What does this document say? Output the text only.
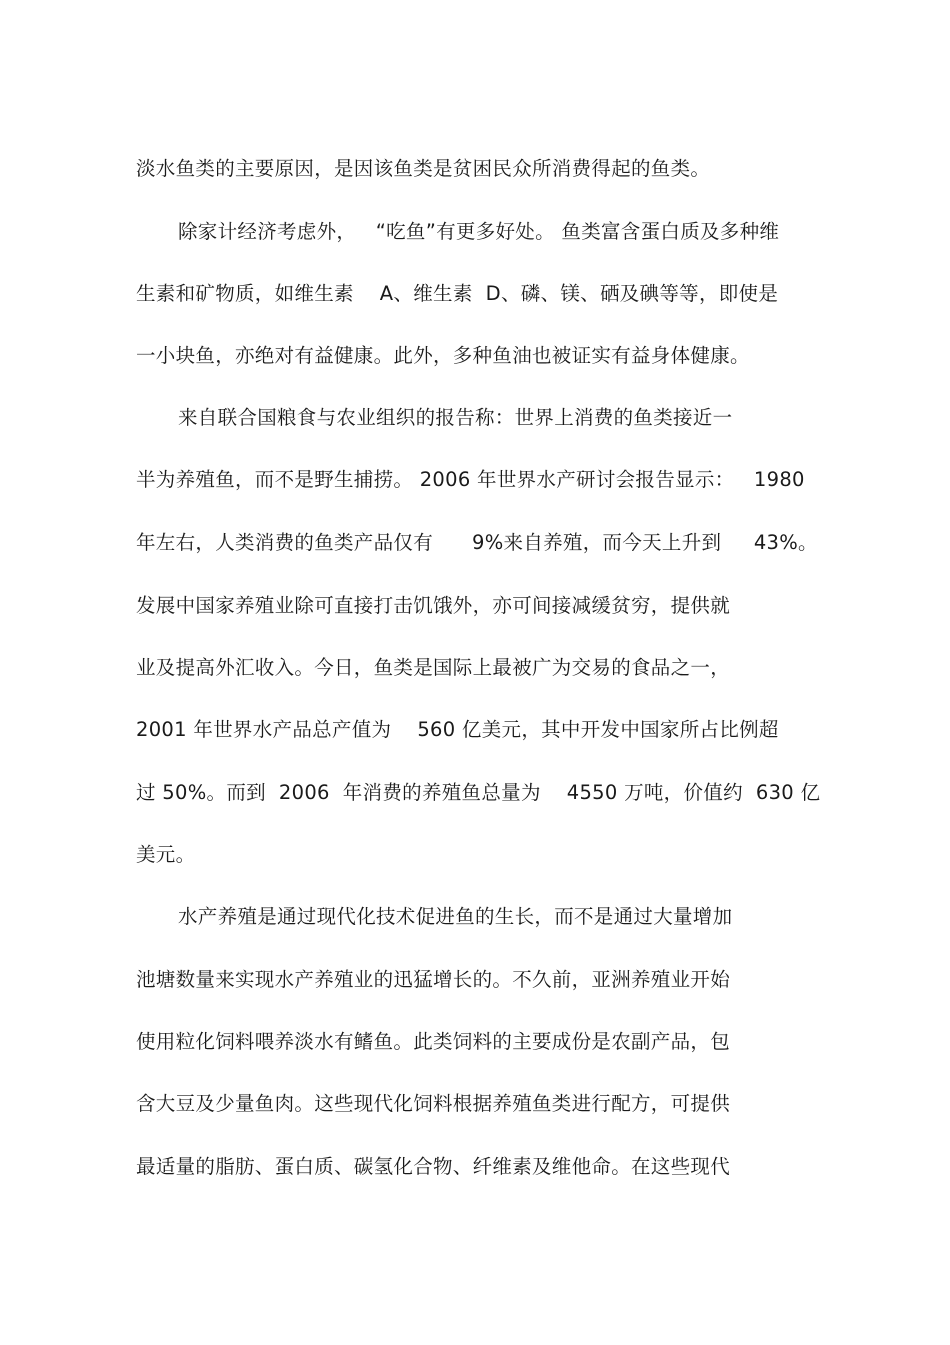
淡水鱼类的主要原因，是因该鱼类是贫困民众所消费得起的鱼类。
除家计经济考虑外，   “吃鱼”有更多好处。 鱼类富含蛋白质及多种维
生素和矿物质，如维生素    A、维生素  D、磷、镁、硒及碘等等，即使是
一小块鱼，亦绝对有益健康。此外，多种鱼油也被证实有益身体健康。
来自联合国粮食与农业组织的报告称：世界上消费的鱼类接近一
半为养殖鱼，而不是野生捕捞。 2006 年世界水产研讨会报告显示：   1980
年左右，人类消费的鱼类产品仅有      9%来自养殖，而今天上升到     43%。
发展中国家养殖业除可直接打击饥饿外，亦可间接减缓贫穷，提供就
业及提高外汇收入。今日，鱼类是国际上最被广为交易的食品之一，
2001 年世界水产品总产值为    560 亿美元，其中开发中国家所占比例超
过 50%。而到  2006  年消费的养殖鱼总量为    4550 万吨，价值约  630 亿
美元。
水产养殖是通过现代化技术促进鱼的生长，而不是通过大量增加
池塘数量来实现水产养殖业的迅猛增长的。不久前，亚洲养殖业开始
使用粒化饲料喂养淡水有鳍鱼。此类饲料的主要成份是农副产品，包
含大豆及少量鱼肉。这些现代化饲料根据养殖鱼类进行配方，可提供
最适量的脂肪、蛋白质、碳氢化合物、纤维素及维他命。在这些现代
